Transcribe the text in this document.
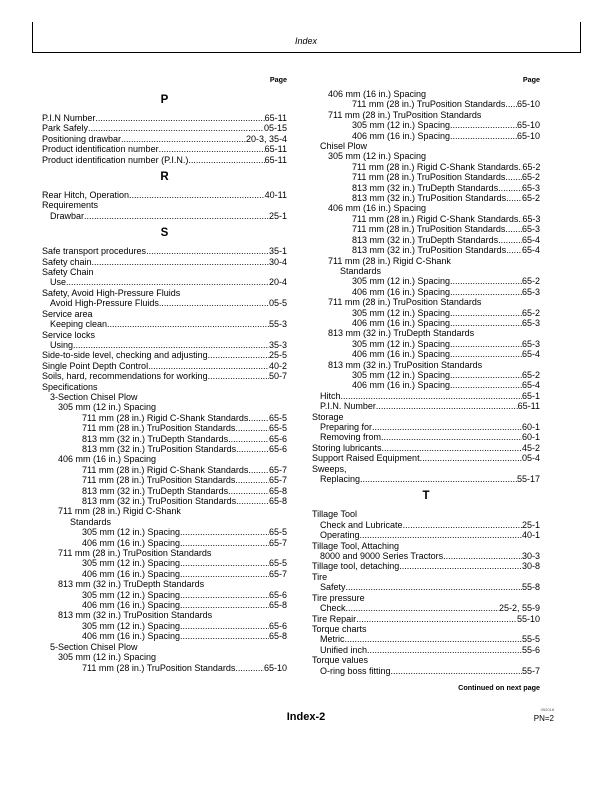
Index
Page
P
P.I.N Number .....	65-11
Park Safely .....	05-15
Positioning drawbar .....	20-3, 35-4
Product identification number .....	65-11
Product identification number (P.I.N.) .....	65-11
R
Rear Hitch, Operation .....	40-11
Requirements
Drawbar .....	25-1
S
Safe transport procedures .....	35-1
Safety chain .....	30-4
Safety Chain
Use .....	20-4
Safety, Avoid High-Pressure Fluids
Avoid High-Pressure Fluids .....	05-5
Service area
Keeping clean .....	55-3
Service locks
Using .....	35-3
Side-to-side level, checking and adjusting .....	25-5
Single Point Depth Control .....	40-2
Soils, hard, recommendations for working .....	50-7
Specifications
3-Section Chisel Plow
305 mm (12 in.) Spacing
711 mm (28 in.) Rigid C-Shank Standards ..... 65-5
711 mm (28 in.) TruPosition Standards .....	65-5
813 mm (32 in.) TruDepth Standards .....	65-6
813 mm (32 in.) TruPosition Standards .....	65-6
406 mm (16 in.) Spacing
711 mm (28 in.) Rigid C-Shank Standards ..... 65-7
711 mm (28 in.) TruPosition Standards .....	65-7
813 mm (32 in.) TruDepth Standards .....	65-8
813 mm (32 in.) TruPosition Standards .....	65-8
711 mm (28 in.) Rigid C-Shank
Standards
305 mm (12 in.) Spacing .....	65-5
406 mm (16 in.) Spacing .....	65-7
711 mm (28 in.) TruPosition Standards
305 mm (12 in.) Spacing .....	65-5
406 mm (16 in.) Spacing .....	65-7
813 mm (32 in.) TruDepth Standards
305 mm (12 in.) Spacing .....	65-6
406 mm (16 in.) Spacing .....	65-8
813 mm (32 in.) TruPosition Standards
305 mm (12 in.) Spacing .....	65-6
406 mm (16 in.) Spacing .....	65-8
5-Section Chisel Plow
305 mm (12 in.) Spacing
711 mm (28 in.) TruPosition Standards .....	65-10
Page
406 mm (16 in.) Spacing
711 mm (28 in.) TruPosition Standards ..... 65-10
711 mm (28 in.) TruPosition Standards
305 mm (12 in.) Spacing .....	65-10
406 mm (16 in.) Spacing .....	65-10
Chisel Plow
305 mm (12 in.) Spacing
711 mm (28 in.) Rigid C-Shank Standards ..... 65-2
711 mm (28 in.) TruPosition Standards ..... 65-2
813 mm (32 in.) TruDepth Standards .....	65-3
813 mm (32 in.) TruPosition Standards ..... 65-2
406 mm (16 in.) Spacing
711 mm (28 in.) Rigid C-Shank Standards ..... 65-3
711 mm (28 in.) TruPosition Standards ..... 65-3
813 mm (32 in.) TruDepth Standards .....	65-4
813 mm (32 in.) TruPosition Standards ..... 65-4
711 mm (28 in.) Rigid C-Shank
Standards
305 mm (12 in.) Spacing .....	65-2
406 mm (16 in.) Spacing .....	65-3
711 mm (28 in.) TruPosition Standards
305 mm (12 in.) Spacing .....	65-2
406 mm (16 in.) Spacing .....	65-3
813 mm (32 in.) TruDepth Standards
305 mm (12 in.) Spacing .....	65-3
406 mm (16 in.) Spacing .....	65-4
813 mm (32 in.) TruPosition Standards
305 mm (12 in.) Spacing .....	65-2
406 mm (16 in.) Spacing .....	65-4
Hitch .....	65-1
P.I.N. Number .....	65-11
Storage
Preparing for .....	60-1
Removing from .....	60-1
Storing lubricants .....	45-2
Support Raised Equipment .....	05-4
Sweeps,
Replacing .....	55-17
T
Tillage Tool
Check and Lubricate .....	25-1
Operating .....	40-1
Tillage Tool, Attaching
8000 and 9000 Series Tractors .....	30-3
Tillage tool, detaching .....	30-8
Tire
Safety .....	55-8
Tire pressure
Check .....	25-2, 55-9
Tire Repair .....	55-10
Torque charts
Metric .....	55-5
Unified inch .....	55-6
Torque values
O-ring boss fitting .....	55-7
Continued on next page
052018
Index-2	PN=2
